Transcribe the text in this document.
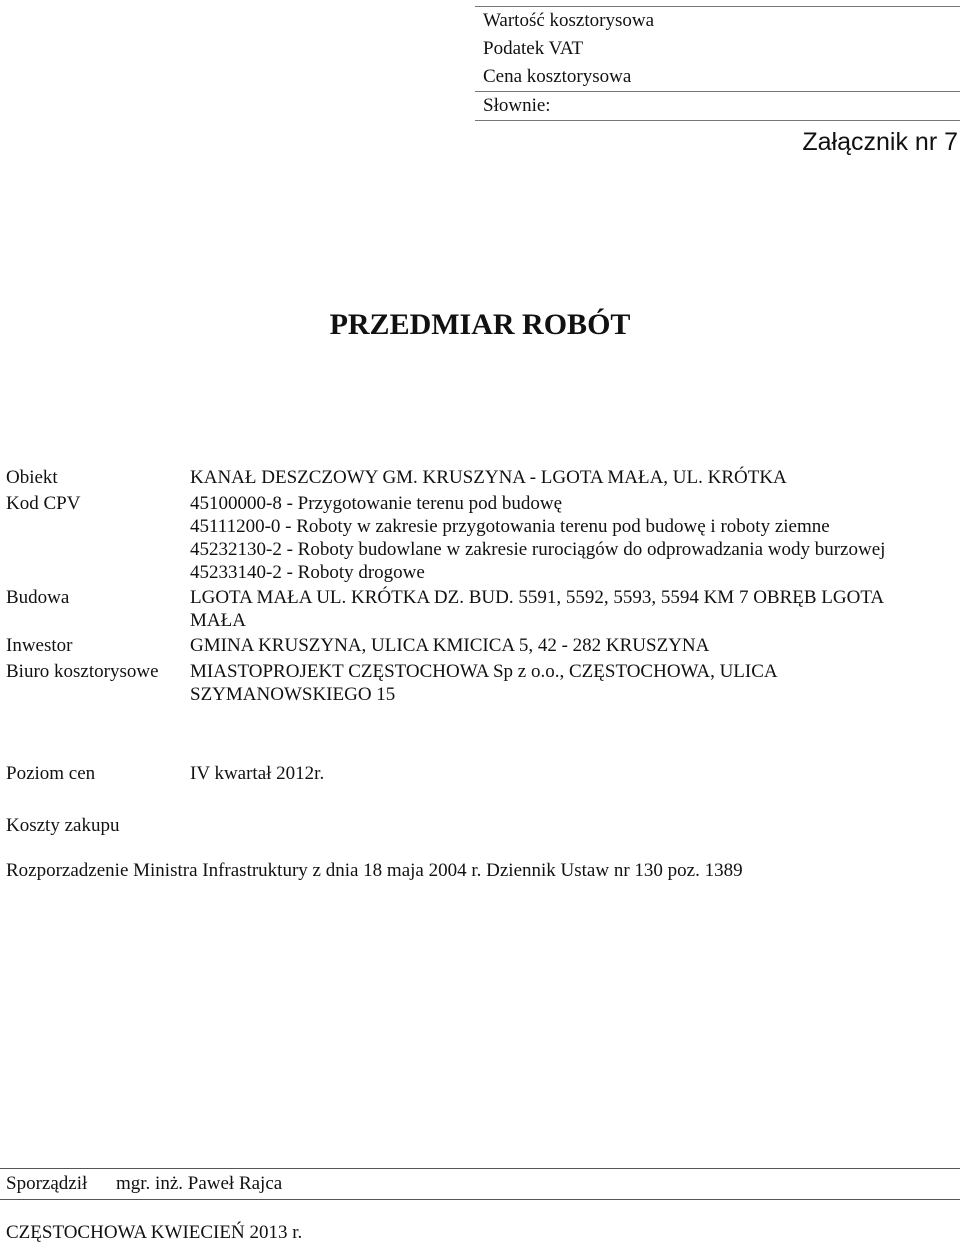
Wartość kosztorysowa
Podatek VAT
Cena kosztorysowa
Słownie:
Załącznik nr 7
PRZEDMIAR ROBÓT
Obiekt	KANAŁ DESZCZOWY GM. KRUSZYNA - LGOTA MAŁA, UL. KRÓTKA
Kod CPV	45100000-8 - Przygotowanie terenu pod budowę
45111200-0 - Roboty w zakresie przygotowania terenu pod budowę i roboty ziemne
45232130-2 - Roboty budowlane w zakresie rurociągów do odprowadzania wody burzowej
45233140-2 - Roboty drogowe
Budowa	LGOTA MAŁA UL. KRÓTKA DZ. BUD. 5591, 5592, 5593, 5594 KM 7 OBRĘB LGOTA
MAŁA
Inwestor	GMINA KRUSZYNA, ULICA KMICICA 5, 42 - 282 KRUSZYNA
Biuro kosztorysowe	MIASTOPROJEKT CZĘSTOCHOWA Sp z o.o., CZĘSTOCHOWA, ULICA
SZYMANOWSKIEGO 15
Poziom cen	IV kwartał 2012r.
Koszty zakupu
Rozporzadzenie Ministra Infrastruktury z dnia 18 maja 2004 r. Dziennik Ustaw nr 130 poz. 1389
Sporządził mgr. inż. Paweł Rajca
CZĘSTOCHOWA KWIECIEŃ 2013 r.
